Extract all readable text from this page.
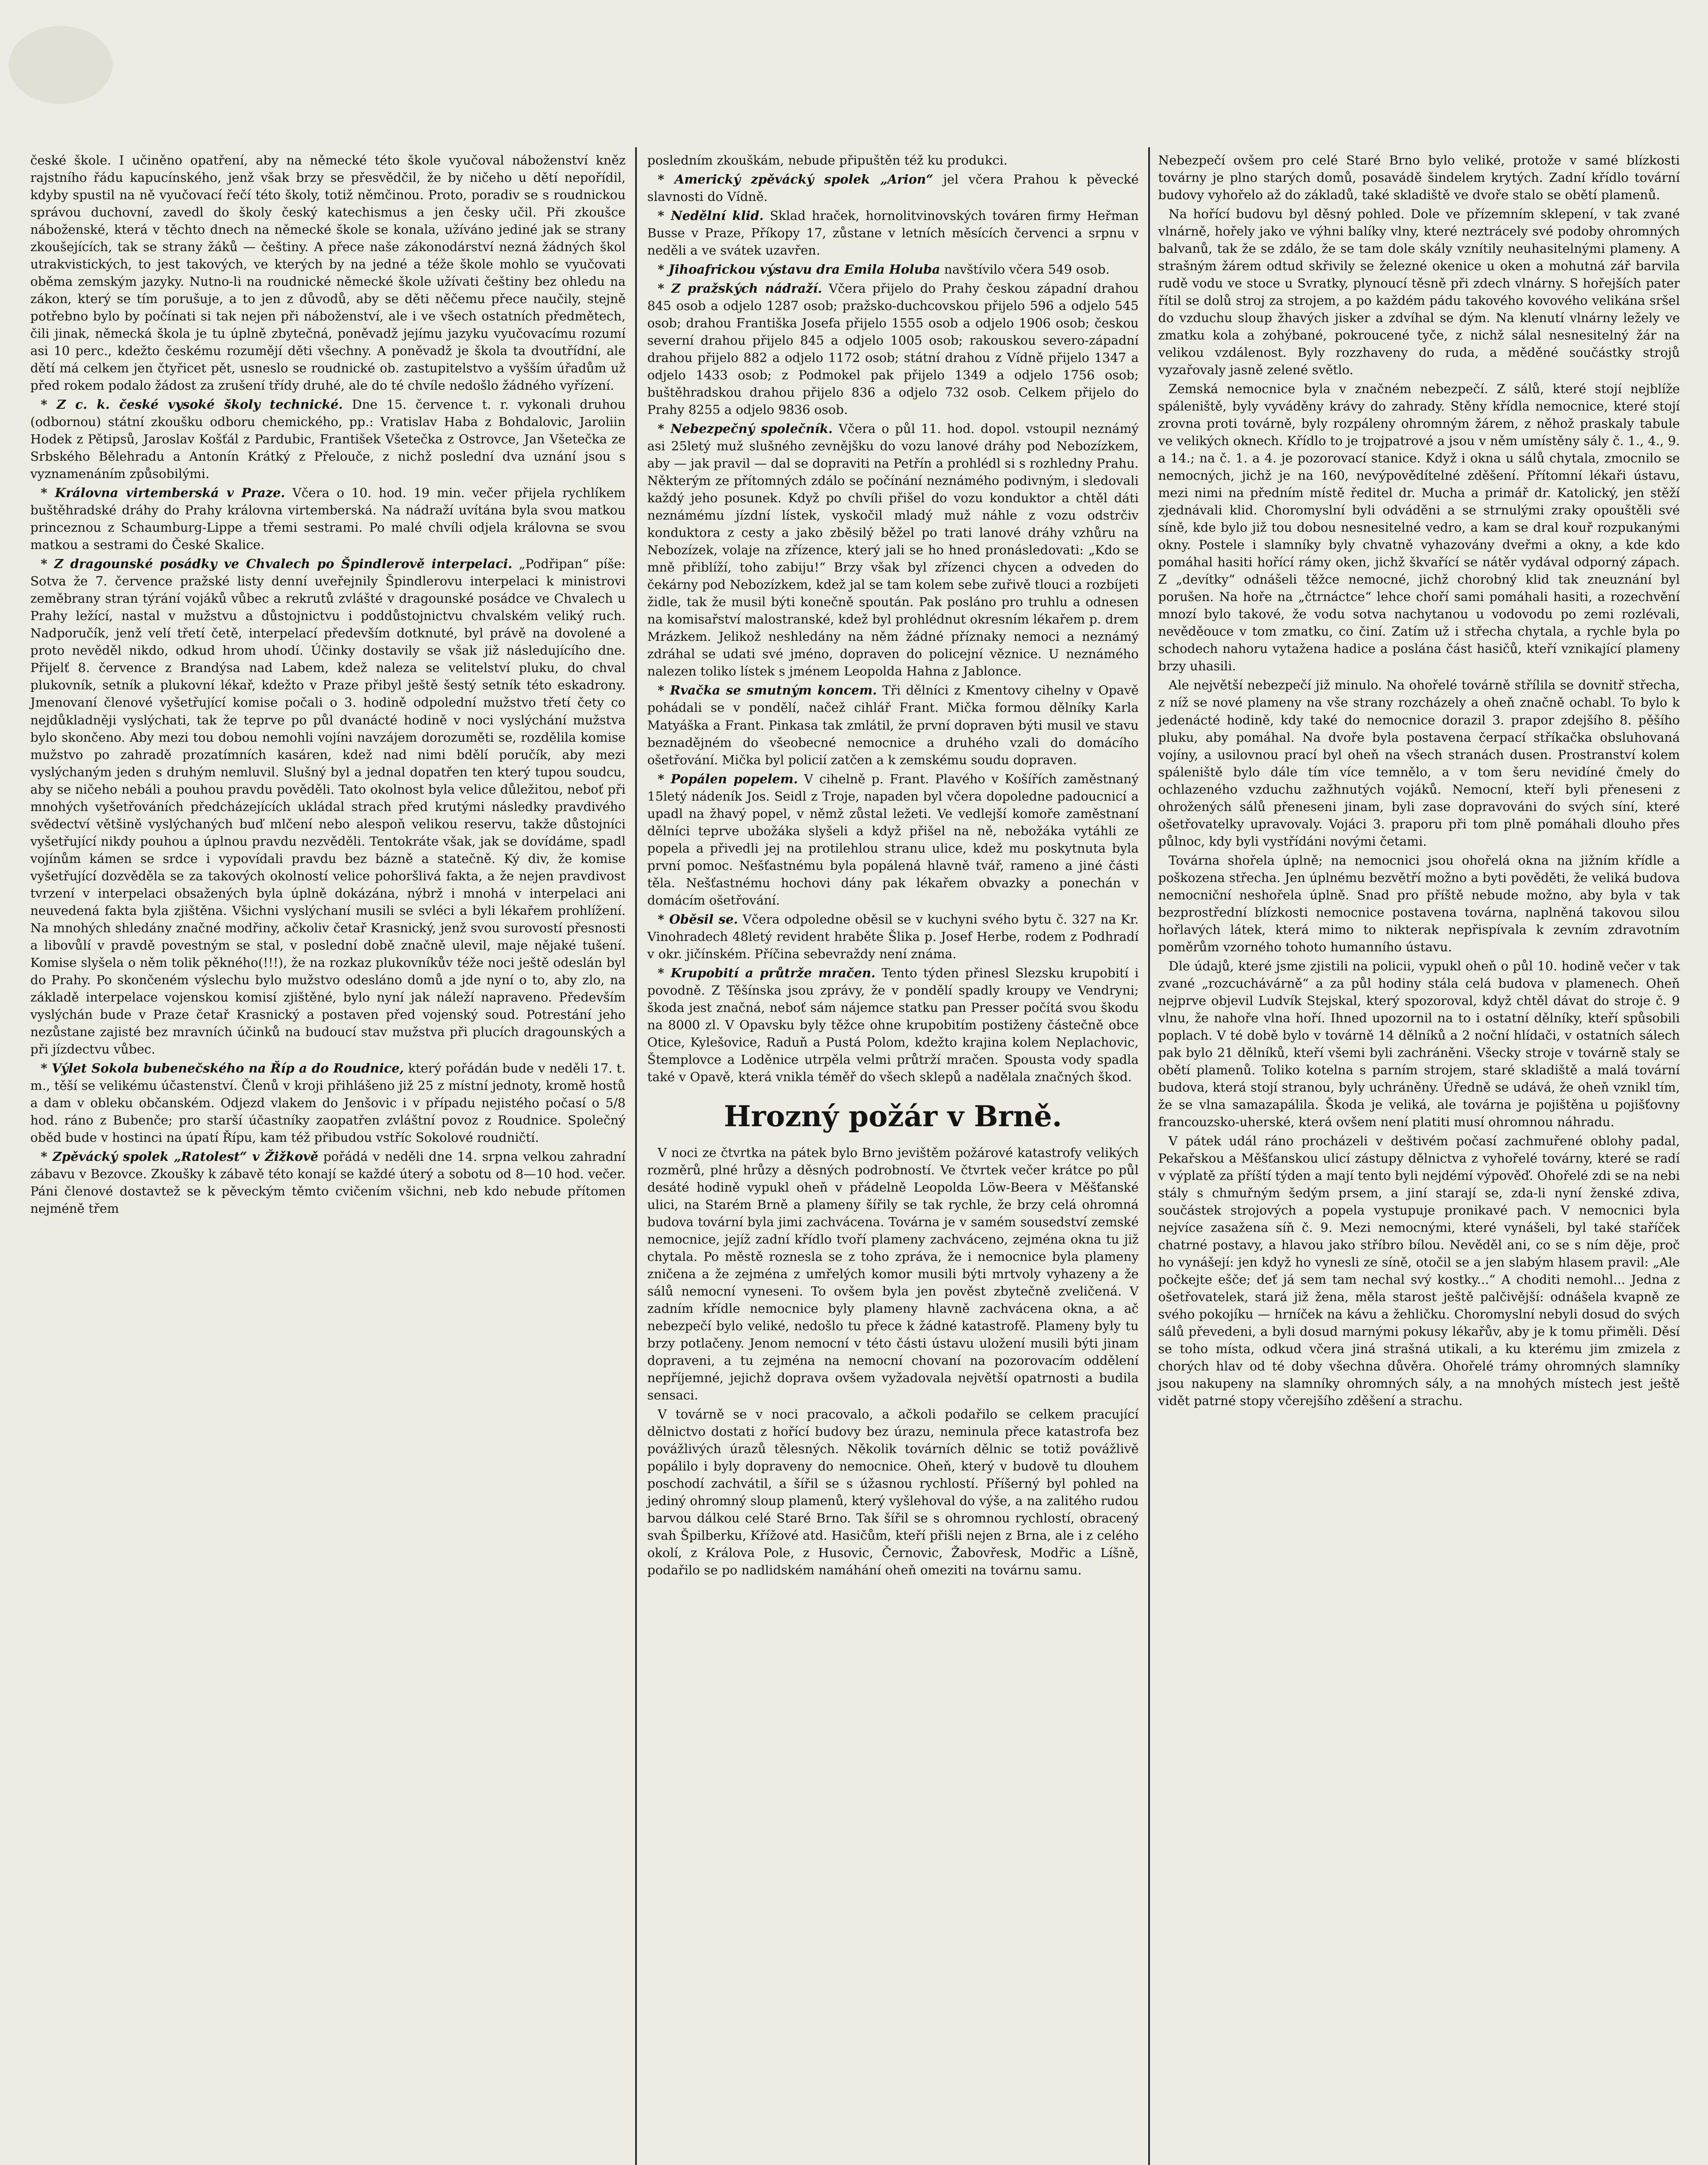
české škole. I učiněno opatření, aby na německé této škole vyučoval náboženství kněz rajstního řádu kapucínského, jenž však brzy se přesvědčil, že by ničeho u dětí nepořídil, kdyby spustil na ně vyučovací řečí této školy, totiž němčinou. Proto, poradiv se s roudnickou správou duchovní, zavedl do školy český katechismus a jen česky učil. Při zkoušce náboženské, která v těchto dnech na německé škole se konala, užíváno jediné jak se strany zkoušejících, tak se strany žáků — češtiny. A přece naše zákonodárství nezná žádných škol utrakvistických, to jest takových, ve kterých by na jedné a téže škole mohlo se vyučovati oběma zemským jazyky. Nutno-li na roudnické německé škole užívati češtiny bez ohledu na zákon, který se tím porušuje, a to jen z důvodů, aby se děti něčemu přece naučily, stejně potřebno bylo by počínati si tak nejen při náboženství, ale i ve všech ostatních předmětech, čili jinak, německá škola je tu úplně zbytečná, poněvadž jejímu jazyku vyučovacímu rozumí asi 10 perc., kdežto českému rozumějí děti všechny. A poněvadž je škola ta dvoutřídní, ale dětí má celkem jen čtyřicet pět, usneslo se roudnické ob. zastupitelstvo a vyšším úřadům už před rokem podalo žádost za zrušení třídy druhé, ale do té chvíle nedošlo žádného vyřízení.

* Z c. k. české vysoké školy technické. Dne 15. července t. r. vykonali druhou (odbornou) státní zkoušku odboru chemického, pp.: Vratislav Haba z Bohdalovic, Jaroliin Hodek z Pětipsů, Jaroslav Košťál z Pardubic, František Všetečka z Ostrovce, Jan Všetečka ze Srbského Bělehradu a Antonín Krátký z Přelouče, z nichž poslední dva uznání jsou s vyznamenáním způsobilými.

* Královna virtemberská v Praze. Včera o 10. hod. 19 min. večer přijela rychlíkem buštěhradské dráhy do Prahy královna virtemberská. Na nádraží uvítána byla svou matkou princeznou z Schaumburg-Lippe a třemi sestrami. Po malé chvíli odjela královna se svou matkou a sestrami do České Skalice.

* Z dragounské posádky ve Chvalech po Špindlerově interpelaci. „Podřipan“ píše: Sotva že 7. července pražské listy denní uveřejnily Špindlerovu interpelaci k ministrovi zeměbrany stran týrání vojáků vůbec a rekrutů zvlášté v dragounské posádce ve Chvalech u Prahy ležící, nastal v mužstvu a důstojnictvu i poddůstojnictvu chvalském veliký ruch. Nadporučík, jenž velí třetí četě, interpelací především dotknuté, byl právě na dovolené a proto nevěděl nikdo, odkud hrom uhodí. Účinky dostavily se však již následujícího dne. Přijelť 8. července z Brandýsa nad Labem, kdež naleza se velitelství pluku, do chval plukovník, setník a plukovní lékař, kdežto v Praze přibyl ještě šestý setník této eskadrony. Jmenovaní členové vyšetřující komise počali o 3. hodině odpolední mužstvo třetí čety co nejdůkladněji vyslýchati, tak že teprve po půl dvanácté hodině v noci vyslýchání mužstva bylo skončeno. Aby mezi tou dobou nemohli vojíni navzájem dorozuměti se, rozdělila komise mužstvo po zahradě prozatímních kasáren, kdež nad nimi bdělí poručík, aby mezi vyslýchaným jeden s druhým nemluvil. Slušný byl a jednal dopatřen ten který tupou soudcu, aby se ničeho nebáli a pouhou pravdu pověděli. Tato okolnost byla velice důležitou, neboť při mnohých vyšetřováních předcházejících ukládal strach před krutými následky pravdivého svědectví většině vyslýchaných buď mlčení nebo alespoň velikou reservu, takže důstojníci vyšetřující nikdy pouhou a úplnou pravdu nezvěděli. Tentokráte však, jak se dovídáme, spadl vojínům kámen se srdce i vypovídali pravdu bez bázně a statečně. Ký div, že komise vyšetřující dozvěděla se za takových okolností velice pohoršlivá fakta, a že nejen pravdivost tvrzení v interpelaci obsažených byla úplně dokázána, nýbrž i mnohá v interpelaci ani neuvedená fakta byla zjištěna. Všichni vyslýchaní musili se svléci a byli lékařem prohlížení. Na mnohých shledány značné modřiny, ačkoliv četař Krasnický, jenž svou surovostí přesnosti a libovůlí v pravdě povestným se stal, v poslední době značně ulevil, maje nějaké tušení. Komise slyšela o něm tolik pěkného(!!!), že na rozkaz plukovníkův téže noci ještě odeslán byl do Prahy. Po skončeném výslechu bylo mužstvo odesláno domů a jde nyní o to, aby zlo, na základě interpelace vojenskou komisí zjištěné, bylo nyní jak náleží napraveno. Především vyslýchán bude v Praze četař Krasnický a postaven před vojenský soud. Potrestání jeho nezůstane zajisté bez mravních účinků na budoucí stav mužstva při plucích dragounských a při jízdectvu vůbec.

* Výlet Sokola bubenečského na Říp a do Roudnice, který pořádán bude v neděli 17. t. m., těší se velikému účastenství. Členů v kroji přihlášeno již 25 z místní jednoty, kromě hostů a dam v obleku občanském. Odjezd vlakem do Jenšovic i v případu nejistého počasí o 5/8 hod. ráno z Bubenče; pro starší účastníky zaopatřen zvláštní povoz z Roudnice. Společný oběd bude v hostinci na úpatí Řípu, kam též přibudou vstříc Sokolové roudničtí.

* Zpěvácký spolek „Ratolest“ v Žižkově pořádá v neděli dne 14. srpna velkou zahradní zábavu v Bezovce. Zkoušky k zábavě této konají se každé úterý a sobotu od 8—10 hod. večer. Páni členové dostavtež se k pěveckým těmto cvičením všichni, neb kdo nebude přítomen nejméně třem

posledním zkouškám, nebude připuštěn též ku produkci.

* Americký zpěvácký spolek „Arion“ jel včera Prahou k pěvecké slavnosti do Vídně.

* Nedělní klid. Sklad hraček, hornolitvinovských továren firmy Heřman Busse v Praze, Příkopy 17, zůstane v letních měsících červenci a srpnu v neděli a ve svátek uzavřen.

* Jihoafrickou výstavu dra Emila Holuba navštívilo včera 549 osob.

* Z pražských nádraží. Včera přijelo do Prahy českou západní drahou 845 osob a odjelo 1287 osob; pražsko-duchcovskou přijelo 596 a odjelo 545 osob; drahou Františka Josefa přijelo 1555 osob a odjelo 1906 osob; českou severní drahou přijelo 845 a odjelo 1005 osob; rakouskou severo-západní drahou přijelo 882 a odjelo 1172 osob; státní drahou z Vídně přijelo 1347 a odjelo 1433 osob; z Podmokel pak přijelo 1349 a odjelo 1756 osob; buštěhradskou drahou přijelo 836 a odjelo 732 osob. Celkem přijelo do Prahy 8255 a odjelo 9836 osob.

* Nebezpečný společník. Včera o půl 11. hod. dopol. vstoupil neznámý asi 25letý muž slušného zevnějšku do vozu lanové dráhy pod Nebozízkem, aby — jak pravil — dal se dopraviti na Petřín a prohlédl si s rozhledny Prahu. Některým ze přítomných zdálo se počínání neznámého podivným, i sledovali každý jeho posunek. Když po chvíli přišel do vozu konduktor a chtěl dáti neznámému jízdní lístek, vyskočil mladý muž náhle z vozu odstrčiv konduktora z cesty a jako zběsilý běžel po trati lanové dráhy vzhůru na Nebozízek, volaje na zřízence, který jali se ho hned pronásledovati: „Kdo se mně přiblíží, toho zabiju!“ Brzy však byl zřízenci chycen a odveden do čekárny pod Nebozízkem, kdež jal se tam kolem sebe zuřivě tlouci a rozbíjeti židle, tak že musil býti konečně spoután. Pak posláno pro truhlu a odnesen na komisařství malostranské, kdež byl prohlédnut okresním lékařem p. drem Mrázkem. Jelikož neshledány na něm žádné příznaky nemoci a neznámý zdráhal se udati své jméno, dopraven do policejní věznice. U neznámého nalezen toliko lístek s jménem Leopolda Hahna z Jablonce.

* Rvačka se smutným koncem. Tři dělníci z Kmentovy cihelny v Opavě pohádali se v pondělí, načež cihlář Frant. Mička formou dělníky Karla Matyáška a Frant. Pinkasa tak zmlátil, že první dopraven býti musil ve stavu beznadějném do všeobecné nemocnice a druhého vzali do domácího ošetřování. Mička byl policií zatčen a k zemskému soudu dopraven.

* Popálen popelem. V cihelně p. Frant. Plavého v Košířích zaměstnaný 15letý nádeník Jos. Seidl z Troje, napaden byl včera dopoledne padoucnicí a upadl na žhavý popel, v němž zůstal ležeti. Ve vedlejší komoře zaměstnaní dělníci teprve ubožáka slyšeli a když přišel na ně, nebožáka vytáhli ze popela a přivedli jej na protilehlou stranu ulice, kdež mu poskytnuta byla první pomoc. Nešťastnému byla popálená hlavně tvář, rameno a jiné části těla. Nešťastnému hochovi dány pak lékařem obvazky a ponechán v domácím ošetřování.

* Oběsil se. Včera odpoledne oběsil se v kuchyni svého bytu č. 327 na Kr. Vinohradech 48letý revident hraběte Šlika p. Josef Herbe, rodem z Podhradí v okr. jičínském. Příčina sebevraždy není známa.

* Krupobití a průtrže mračen. Tento týden přinesl Slezsku krupobití i povodně. Z Těšínska jsou zprávy, že v pondělí spadly kroupy ve Vendryni; škoda jest značná, neboť sám nájemce statku pan Presser počítá svou škodu na 8000 zl. V Opavsku byly těžce ohne krupobitím postiženy částečně obce Otice, Kylešovice, Raduň a Pustá Polom, kdežto krajina kolem Neplachovic, Štemplovce a Loděnice utrpěla velmi průtrží mračen. Spousta vody spadla také v Opavě, která vnikla téměř do všech sklepů a nadělala značných škod.

Hrozný požár v Brně.

V noci ze čtvrtka na pátek bylo Brno jevištěm požárové katastrofy velikých rozměrů, plné hrůzy a děsných podrobností. Ve čtvrtek večer krátce po půl desáté hodině vypukl oheň v přádelně Leopolda Löw-Beera v Měšťanské ulici, na Starém Brně a plameny šířily se tak rychle, že brzy celá ohromná budova tovární byla jimi zachvácena. Továrna je v samém sousedství zemské nemocnice, jejíž zadní křídlo tvoří plameny zachváceno, zejména okna tu již chytala. Po městě roznesla se z toho zpráva, že i nemocnice byla plameny zničena a že zejména z umřelých komor musili býti mrtvoly vyhazeny a že sálů nemocní vyneseni. To ovšem byla jen pověst zbytečně zveličená. V zadním křídle nemocnice byly plameny hlavně zachvácena okna, a ač nebezpečí bylo veliké, nedošlo tu přece k žádné katastrofě. Plameny byly tu brzy potlačeny. Jenom nemocní v této části ústavu uložení musili býti jinam dopraveni, a tu zejména na nemocní chovaní na pozorovacím oddělení nepříjemné, jejichž doprava ovšem vyžadovala největší opatrnosti a budila sensaci.

V továrně se v noci pracovalo, a ačkoli podařilo se celkem pracující dělnictvo dostati z hořící budovy bez úrazu, neminula přece katastrofa bez povážlivých úrazů tělesných. Několik továrních dělnic se totiž povážlivě popálilo i byly dopraveny do nemocnice. Oheň, který v budově tu dlouhem poschodí zachvátil, a šířil se s úžasnou rychlostí. Příšerný byl pohled na jediný ohromný sloup plamenů, který vyšlehoval do výše, a na zalitého rudou barvou dálkou celé Staré Brno. Tak šířil se s ohromnou rychlostí, obracený svah Špilberku, Křížové atd. Hasičům, kteří přišli nejen z Brna, ale i z celého okolí, z Králova Pole, z Husovic, Černovic, Žabovřesk, Modřic a Líšně, podařilo se po nadlidském namáhání oheň omeziti na továrnu samu.

Nebezpečí ovšem pro celé Staré Brno bylo veliké, protože v samé blízkosti továrny je plno starých domů, posavádě šindelem krytých. Zadní křídlo tovární budovy vyhořelo až do základů, také skladiště ve dvoře stalo se obětí plamenů.

Na hořící budovu byl děsný pohled. Dole ve přízemním sklepení, v tak zvané vlnárně, hořely jako ve výhni balíky vlny, které neztrácely své podoby ohromných balvanů, tak že se zdálo, že se tam dole skály vznítily neuhasitelnými plameny. A strašným žárem odtud skřivily se železné okenice u oken a mohutná zář barvila rudě vodu ve stoce u Svratky, plynoucí těsně při zdech vlnárny. S hořejších pater řítil se dolů stroj za strojem, a po každém pádu takového kovového velikána sršel do vzduchu sloup žhavých jisker a zdvíhal se dým. Na klenutí vlnárny ležely ve zmatku kola a zohýbané, pokroucené tyče, z nichž sálal nesnesitelný žár na velikou vzdálenost. Byly rozzhaveny do ruda, a měděné součástky strojů vyzařovaly jasně zelené světlo.

Zemská nemocnice byla v značném nebezpečí. Z sálů, které stojí nejblíže spáleniště, byly vyváděny krávy do zahrady. Stěny křídla nemocnice, které stojí zrovna proti továrně, byly rozpáleny ohromným žárem, z něhož praskaly tabule ve velikých oknech. Křídlo to je trojpatrové a jsou v něm umístěny sály č. 1., 4., 9. a 14.; na č. 1. a 4. je pozorovací stanice. Když i okna u sálů chytala, zmocnilo se nemocných, jichž je na 160, nevýpovědítelné zděšení. Přítomní lékaři ústavu, mezi nimi na předním místě ředitel dr. Mucha a primář dr. Katolický, jen stěží zjednávali klid. Choromyslní byli odváděni a se strnulými zraky opouštěli své síně, kde bylo již tou dobou nesnesitelné vedro, a kam se dral kouř rozpukanými okny. Postele i slamníky byly chvatně vyhazovány dveřmi a okny, a kde kdo pomáhal hasiti hořící rámy oken, jichž škvařící se nátěr vydával odporný zápach. Z „devítky“ odnášeli těžce nemocné, jichž chorobný klid tak zneuznání byl porušen. Na hoře na „čtrnáctce“ lehce choří sami pomáhali hasiti, a rozechvění mnozí bylo takové, že vodu sotva nachytanou u vodovodu po zemi rozlévali, nevěděouce v tom zmatku, co činí. Zatím už i střecha chytala, a rychle byla po schodech nahoru vytažena hadice a poslána část hasičů, kteří vznikající plameny brzy uhasili.

Ale největší nebezpečí již minulo. Na ohořelé továrně střílila se dovnitř střecha, z níž se nové plameny na vše strany rozcházely a oheň značně ochabl. To bylo k jedenácté hodině, kdy také do nemocnice dorazil 3. prapor zdejšího 8. pěšího pluku, aby pomáhal. Na dvoře byla postavena čerpací stříkačka obsluhovaná vojíny, a usilovnou prací byl oheň na všech stranách dusen. Prostranství kolem spáleniště bylo dále tím více temnělo, a v tom šeru nevidíné čmely do ochlazeného vzduchu zažhnutých vojáků. Nemocní, kteří byli přeneseni z ohrožených sálů přeneseni jinam, byli zase dopravováni do svých síní, které ošetřovatelky upravovaly. Vojáci 3. praporu při tom plně pomáhali dlouho přes půlnoc, kdy byli vystřídáni novými četami.

Továrna shořela úplně; na nemocnici jsou ohořelá okna na jižním křídle a poškozena střecha. Jen úplnému bezvětří možno a byti pověděti, že veliká budova nemocniční neshořela úplně. Snad pro příště nebude možno, aby byla v tak bezprostřední blízkosti nemocnice postavena továrna, naplněná takovou silou hořlavých látek, která mimo to nikterak nepřispívala k zevním zdravotním poměrům vzorného tohoto humanního ústavu.

Dle údajů, které jsme zjistili na policii, vypukl oheň o půl 10. hodině večer v tak zvané „rozcuchávárně“ a za půl hodiny stála celá budova v plamenech. Oheň nejprve objevil Ludvík Stejskal, který spozoroval, když chtěl dávat do stroje č. 9 vlnu, že nahoře vlna hoří. Ihned upozornil na to i ostatní dělníky, kteří spůsobili poplach. V té době bylo v továrně 14 dělníků a 2 noční hlídači, v ostatních sálech pak bylo 21 dělníků, kteří všemi byli zachráněni. Všecky stroje v továrně staly se obětí plamenů. Toliko kotelna s parním strojem, staré skladiště a malá tovární budova, která stojí stranou, byly uchráněny. Úředně se udává, že oheň vznikl tím, že se vlna samazapálila. Škoda je veliká, ale továrna je pojištěna u pojišťovny francouzsko-uherské, která ovšem není platiti musí ohromnou náhradu.

V pátek udál ráno procházeli v deštivém počasí zachmuřené oblohy padal, Pekařskou a Měšťanskou ulicí zástupy dělnictva z vyhořelé továrny, které se radí v výplatě za příští týden a mají tento byli nejdémí výpověď. Ohořelé zdi se na nebi stály s chmuřným šedým prsem, a jiní starají se, zda-li nyní ženské zdiva, součástek strojových a popela vystupuje pronikavé pach. V nemocnici byla nejvíce zasažena síň č. 9. Mezi nemocnými, které vynášeli, byl také staříček chatrné postavy, a hlavou jako stříbro bílou. Nevěděl ani, co se s ním děje, proč ho vynášejí: jen když ho vynesli ze síně, otočil se a jen slabým hlasem pravil: „Ale počkejte ešče; deť já sem tam nechal svý kostky...“ A choditi nemohl... Jedna z ošetřovatelek, stará již žena, měla starost ještě palčivější: odnášela kvapně ze svého pokojíku — hrníček na kávu a žehličku. Choromyslní nebyli dosud do svých sálů převedeni, a byli dosud marnými pokusy lékařův, aby je k tomu přiměli. Děsí se toho místa, odkud včera jiná strašná utikali, a ku kterému jim zmizela z chorých hlav od té doby všechna důvěra. Ohořelé trámy ohromných slamníky jsou nakupeny na slamníky ohromných sály, a na mnohých místech jest ještě vidět patrné stopy včerejšího zděšení a strachu.
